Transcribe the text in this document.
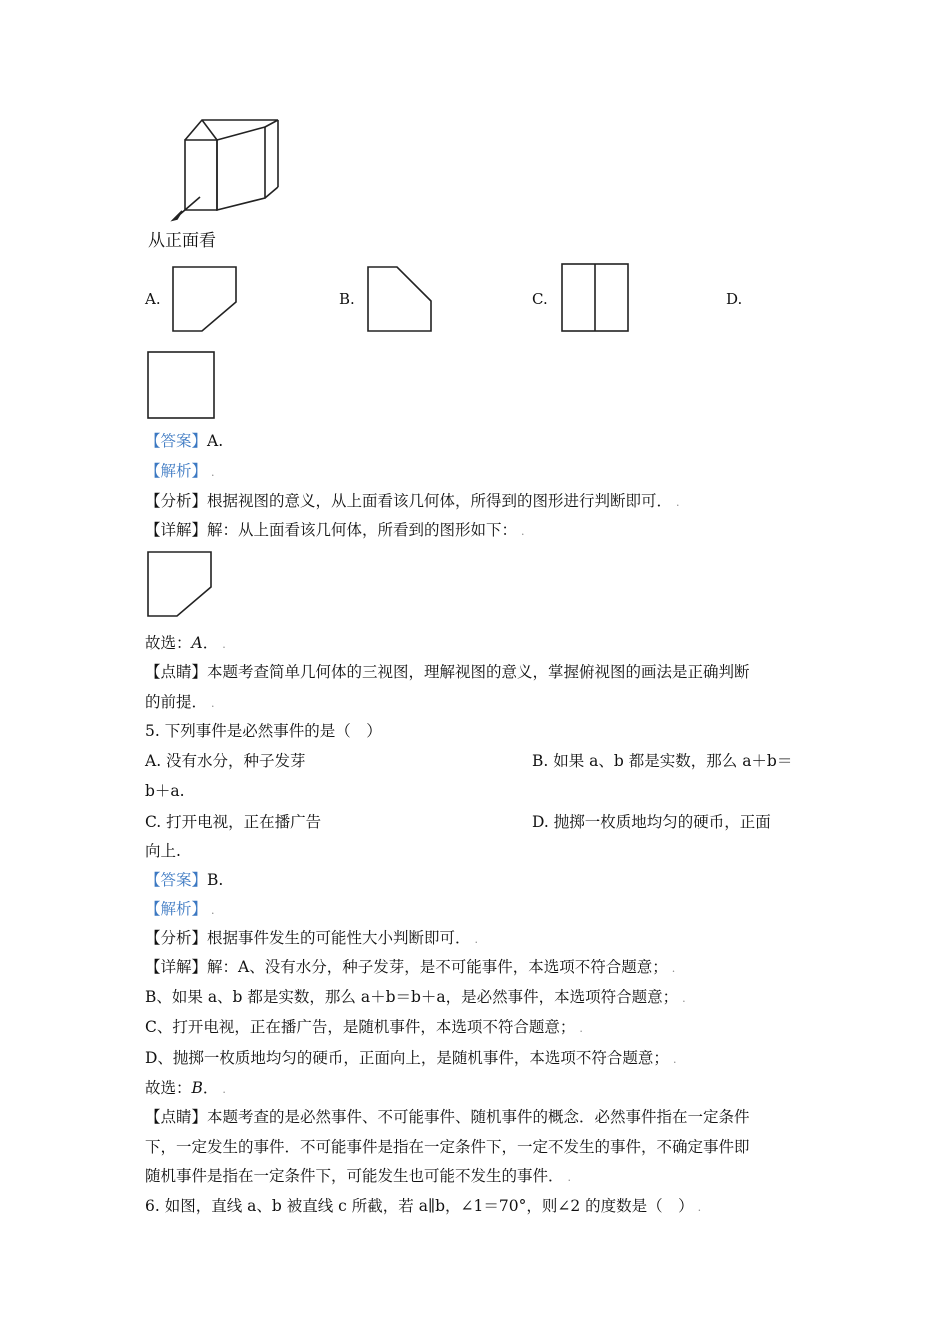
从正面看
A.	B.	C.	D.
【答案】A.
【解析】 .
【分析】根据视图的意义，从上面看该几何体，所得到的图形进行判断即可． .
【详解】解：从上面看该几何体，所看到的图形如下： .
故选：A． .
【点睛】本题考查简单几何体的三视图，理解视图的意义，掌握俯视图的画法是正确判断
的前提． .
5. 下列事件是必然事件的是（　）
A. 没有水分，种子发芽	B. 如果 a、b 都是实数，那么 a＋b＝
b＋a.
C. 打开电视，正在播广告	D. 抛掷一枚质地均匀的硬币，正面
向上.
【答案】B.
【解析】 .
【分析】根据事件发生的可能性大小判断即可． .
【详解】解：A、没有水分，种子发芽，是不可能事件，本选项不符合题意； .
B、如果 a、b 都是实数，那么 a＋b＝b＋a，是必然事件，本选项符合题意； .
C、打开电视，正在播广告，是随机事件，本选项不符合题意； .
D、抛掷一枚质地均匀的硬币，正面向上，是随机事件，本选项不符合题意； .
故选：B． .
【点睛】本题考查的是必然事件、不可能事件、随机事件的概念．必然事件指在一定条件
下，一定发生的事件．不可能事件是指在一定条件下，一定不发生的事件，不确定事件即
随机事件是指在一定条件下，可能发生也可能不发生的事件． .
6. 如图，直线 a、b 被直线 c 所截，若 a∥b，∠1＝70°，则∠2 的度数是（　） .
